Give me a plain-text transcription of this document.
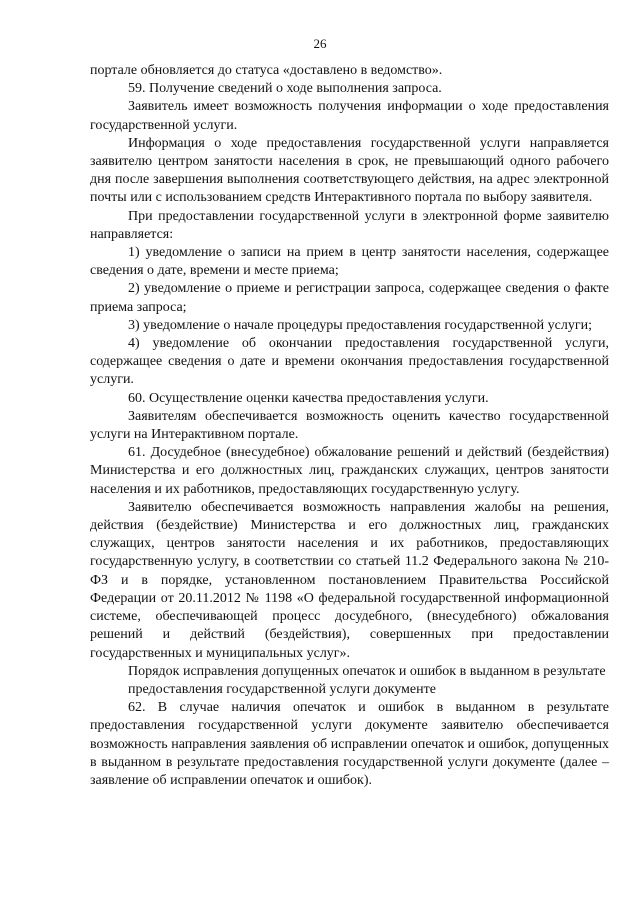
26

порталe обновляется до статуса «доставлено в ведомство».

59. Получение сведений о ходе выполнения запроса.

Заявитель имеет возможность получения информации о ходе предоставления государственной услуги.

Информация о ходе предоставления государственной услуги направляется заявителю центром занятости населения в срок, не превышающий одного рабочего дня после завершения выполнения соответствующего действия, на адрес электронной почты или с использованием средств Интерактивного портала по выбору заявителя.

При предоставлении государственной услуги в электронной форме заявителю направляется:

1) уведомление о записи на прием в центр занятости населения, содержащее сведения о дате, времени и месте приема;

2) уведомление о приеме и регистрации запроса, содержащее сведения о факте приема запроса;

3) уведомление о начале процедуры предоставления государственной услуги;

4) уведомление об окончании предоставления государственной услуги, содержащее сведения о дате и времени окончания предоставления государственной услуги.

60. Осуществление оценки качества предоставления услуги.

Заявителям обеспечивается возможность оценить качество государственной услуги на Интерактивном портале.

61. Досудебное (внесудебное) обжалование решений и действий (бездействия) Министерства и его должностных лиц, гражданских служащих, центров занятости населения и их работников, предоставляющих государственную услугу.

Заявителю обеспечивается возможность направления жалобы на решения, действия (бездействие) Министерства и его должностных лиц, гражданских служащих, центров занятости населения и их работников, предоставляющих государственную услугу, в соответствии со статьей 11.2 Федерального закона № 210-ФЗ и в порядке, установленном постановлением Правительства Российской Федерации от 20.11.2012 № 1198 «О федеральной государственной информационной системе, обеспечивающей процесс досудебного, (внесудебного) обжалования решений и действий (бездействия), совершенных при предоставлении государственных и муниципальных услуг».

Порядок исправления допущенных опечаток и ошибок в выданном в результате
предоставления государственной услуги документе

62. В случае наличия опечаток и ошибок в выданном в результате предоставления государственной услуги документе заявителю обеспечивается возможность направления заявления об исправлении опечаток и ошибок, допущенных в выданном в результате предоставления государственной услуги документе (далее – заявление об исправлении опечаток и ошибок).
